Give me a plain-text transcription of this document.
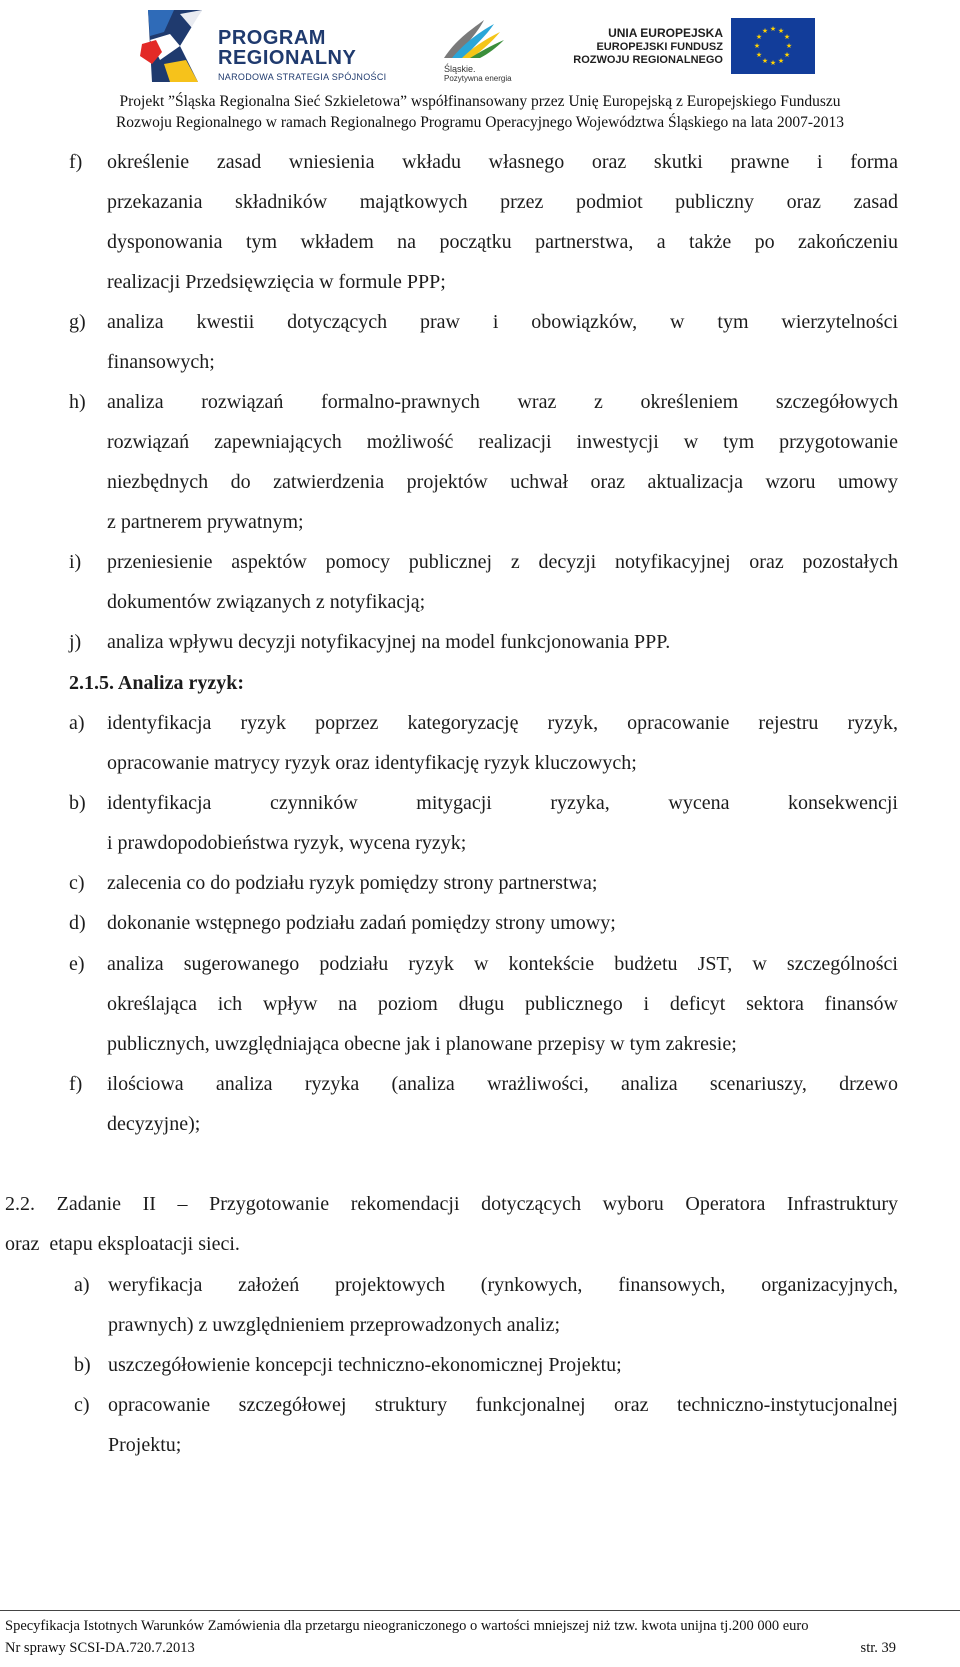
PROGRAM
REGIONALNY
NARODOWA STRATEGIA SPÓJNOŚCI
Śląskie.
Pozytywna energia
UNIA EUROPEJSKA
EUROPEJSKI FUNDUSZ
ROZWOJU REGIONALNEGO
★ ★
★
★
★
★
★
★
★
★
★
★
Projekt ”Śląska Regionalna Sieć Szkieletowa” współfinansowany przez Unię Europejską z Europejskiego Funduszu
Rozwoju Regionalnego w ramach Regionalnego Programu Operacyjnego Województwa Śląskiego na lata 2007-2013
f) określenie zasad wniesienia wkładu własnego oraz skutki prawne i forma
przekazania składników majątkowych przez podmiot publiczny oraz zasad
dysponowania tym wkładem na początku partnerstwa, a także po zakończeniu
realizacji Przedsięwzięcia w formule PPP;
g) analiza kwestii dotyczących praw i obowiązków, w tym wierzytelności
finansowych;
h) analiza rozwiązań formalno-prawnych wraz z określeniem szczegółowych
rozwiązań zapewniających możliwość realizacji inwestycji w tym przygotowanie
niezbędnych do zatwierdzenia projektów uchwał oraz aktualizacja wzoru umowy
z partnerem prywatnym;
i) przeniesienie aspektów pomocy publicznej z decyzji notyfikacyjnej oraz pozostałych
dokumentów związanych z notyfikacją;
j) analiza wpływu decyzji notyfikacyjnej na model funkcjonowania PPP.
2.1.5. Analiza ryzyk:
a) identyfikacja ryzyk poprzez kategoryzację ryzyk, opracowanie rejestru ryzyk,
opracowanie matrycy ryzyk oraz identyfikację ryzyk kluczowych;
b) identyfikacja czynników mitygacji ryzyka, wycena konsekwencji
i prawdopodobieństwa ryzyk, wycena ryzyk;
c) zalecenia co do podziału ryzyk pomiędzy strony partnerstwa;
d) dokonanie wstępnego podziału zadań pomiędzy strony umowy;
e) analiza sugerowanego podziału ryzyk w kontekście budżetu JST, w szczególności
określająca ich wpływ na poziom długu publicznego i deficyt sektora finansów
publicznych, uwzględniająca obecne jak i planowane przepisy w tym zakresie;
f) ilościowa analiza ryzyka (analiza wrażliwości, analiza scenariuszy, drzewo
decyzyjne);
2.2. Zadanie II – Przygotowanie rekomendacji dotyczących wyboru Operatora Infrastruktury
oraz  etapu eksploatacji sieci.
a) weryfikacja założeń projektowych (rynkowych, finansowych, organizacyjnych,
prawnych) z uwzględnieniem przeprowadzonych analiz;
b) uszczegółowienie koncepcji techniczno-ekonomicznej Projektu;
c) opracowanie szczegółowej struktury funkcjonalnej oraz techniczno-instytucjonalnej
Projektu;
Specyfikacja Istotnych Warunków Zamówienia dla przetargu nieograniczonego o wartości mniejszej niż tzw. kwota unijna tj.200 000 euro
Nr sprawy SCSI-DA.720.7.2013	str. 39
